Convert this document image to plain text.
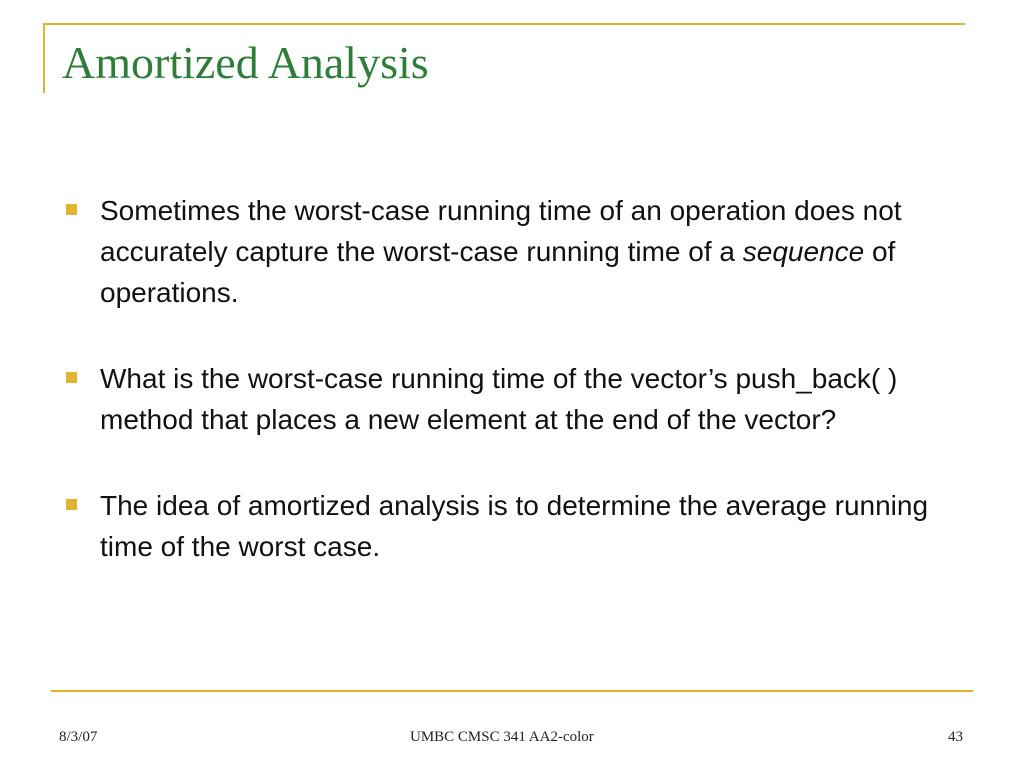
Amortized Analysis
Sometimes the worst-case running time of an operation does not accurately capture the worst-case running time of a sequence of operations.
What is the worst-case running time of the vector’s push_back( ) method that places a new element at the end of the vector?
The idea of amortized analysis is to determine the average running time of the worst case.
8/3/07	UMBC CMSC 341 AA2-color	43
